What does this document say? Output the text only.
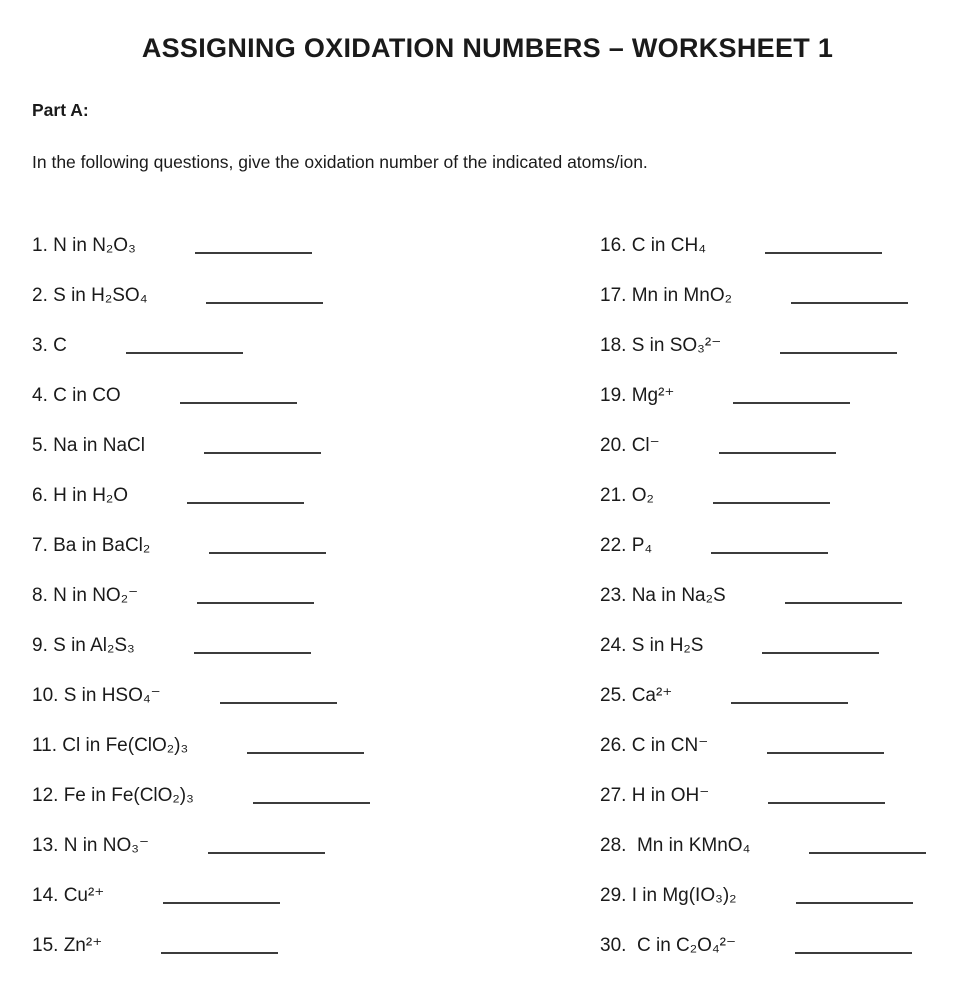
ASSIGNING OXIDATION NUMBERS – WORKSHEET 1
Part A:
In the following questions, give the oxidation number of the indicated atoms/ion.
1. N in N₂O₃
2. S in H₂SO₄
3. C
4. C in CO
5. Na in NaCl
6. H in H₂O
7. Ba in BaCl₂
8. N in NO₂⁻
9. S in Al₂S₃
10. S in HSO₄⁻
11. Cl in Fe(ClO₂)₃
12. Fe in Fe(ClO₂)₃
13. N in NO₃⁻
14. Cu²⁺
15. Zn²⁺
16. C in CH₄
17. Mn in MnO₂
18. S in SO₃²⁻
19. Mg²⁺
20. Cl⁻
21. O₂
22. P₄
23. Na in Na₂S
24. S in H₂S
25. Ca²⁺
26. C in CN⁻
27. H in OH⁻
28.  Mn in KMnO₄
29. I in Mg(IO₃)₂
30.  C in C₂O₄²⁻
